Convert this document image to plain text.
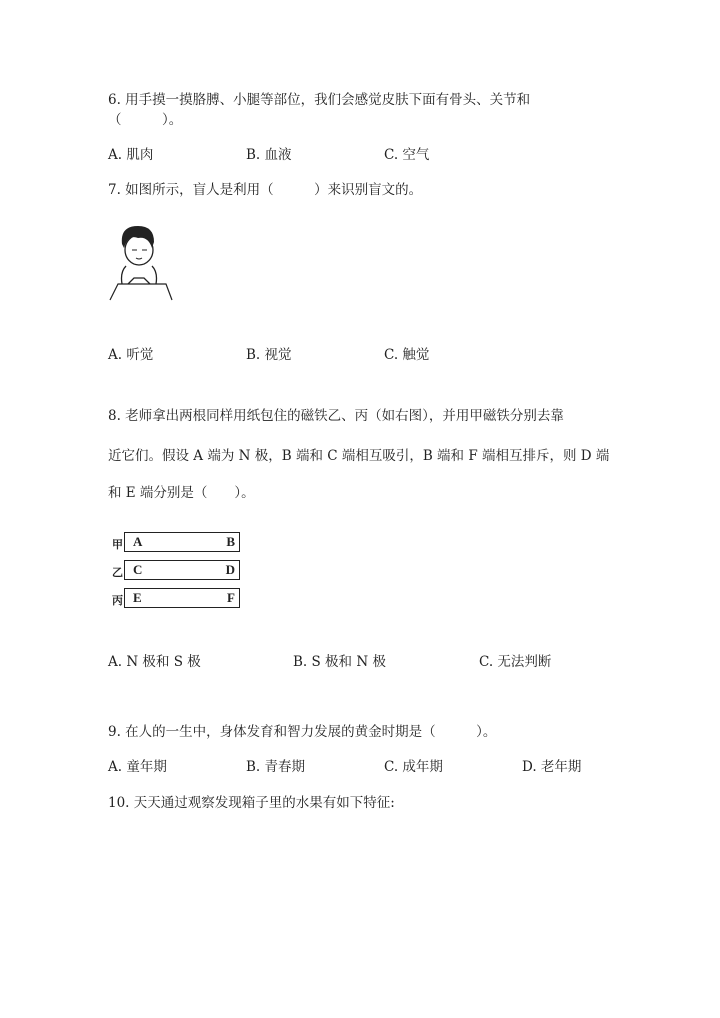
6. 用手摸一摸胳膊、小腿等部位，我们会感觉皮肤下面有骨头、关节和
（　　　）。
A. 肌肉	B. 血液	C. 空气
7. 如图所示，盲人是利用（　　　）来识别盲文的。
A. 听觉	B. 视觉	C. 触觉
8. 老师拿出两根同样用纸包住的磁铁乙、丙（如右图），并用甲磁铁分别去靠
近它们。假设 A 端为 N 极，B 端和 C 端相互吸引，B 端和 F 端相互排斥，则 D 端
和 E 端分别是（　　）。
甲 A	B
乙 C	D
丙 E	F
A. N 极和 S 极	B. S 极和 N 极	C. 无法判断
9. 在人的一生中，身体发育和智力发展的黄金时期是（　　　）。
A. 童年期	B. 青春期	C. 成年期	D. 老年期
10. 天天通过观察发现箱子里的水果有如下特征:
